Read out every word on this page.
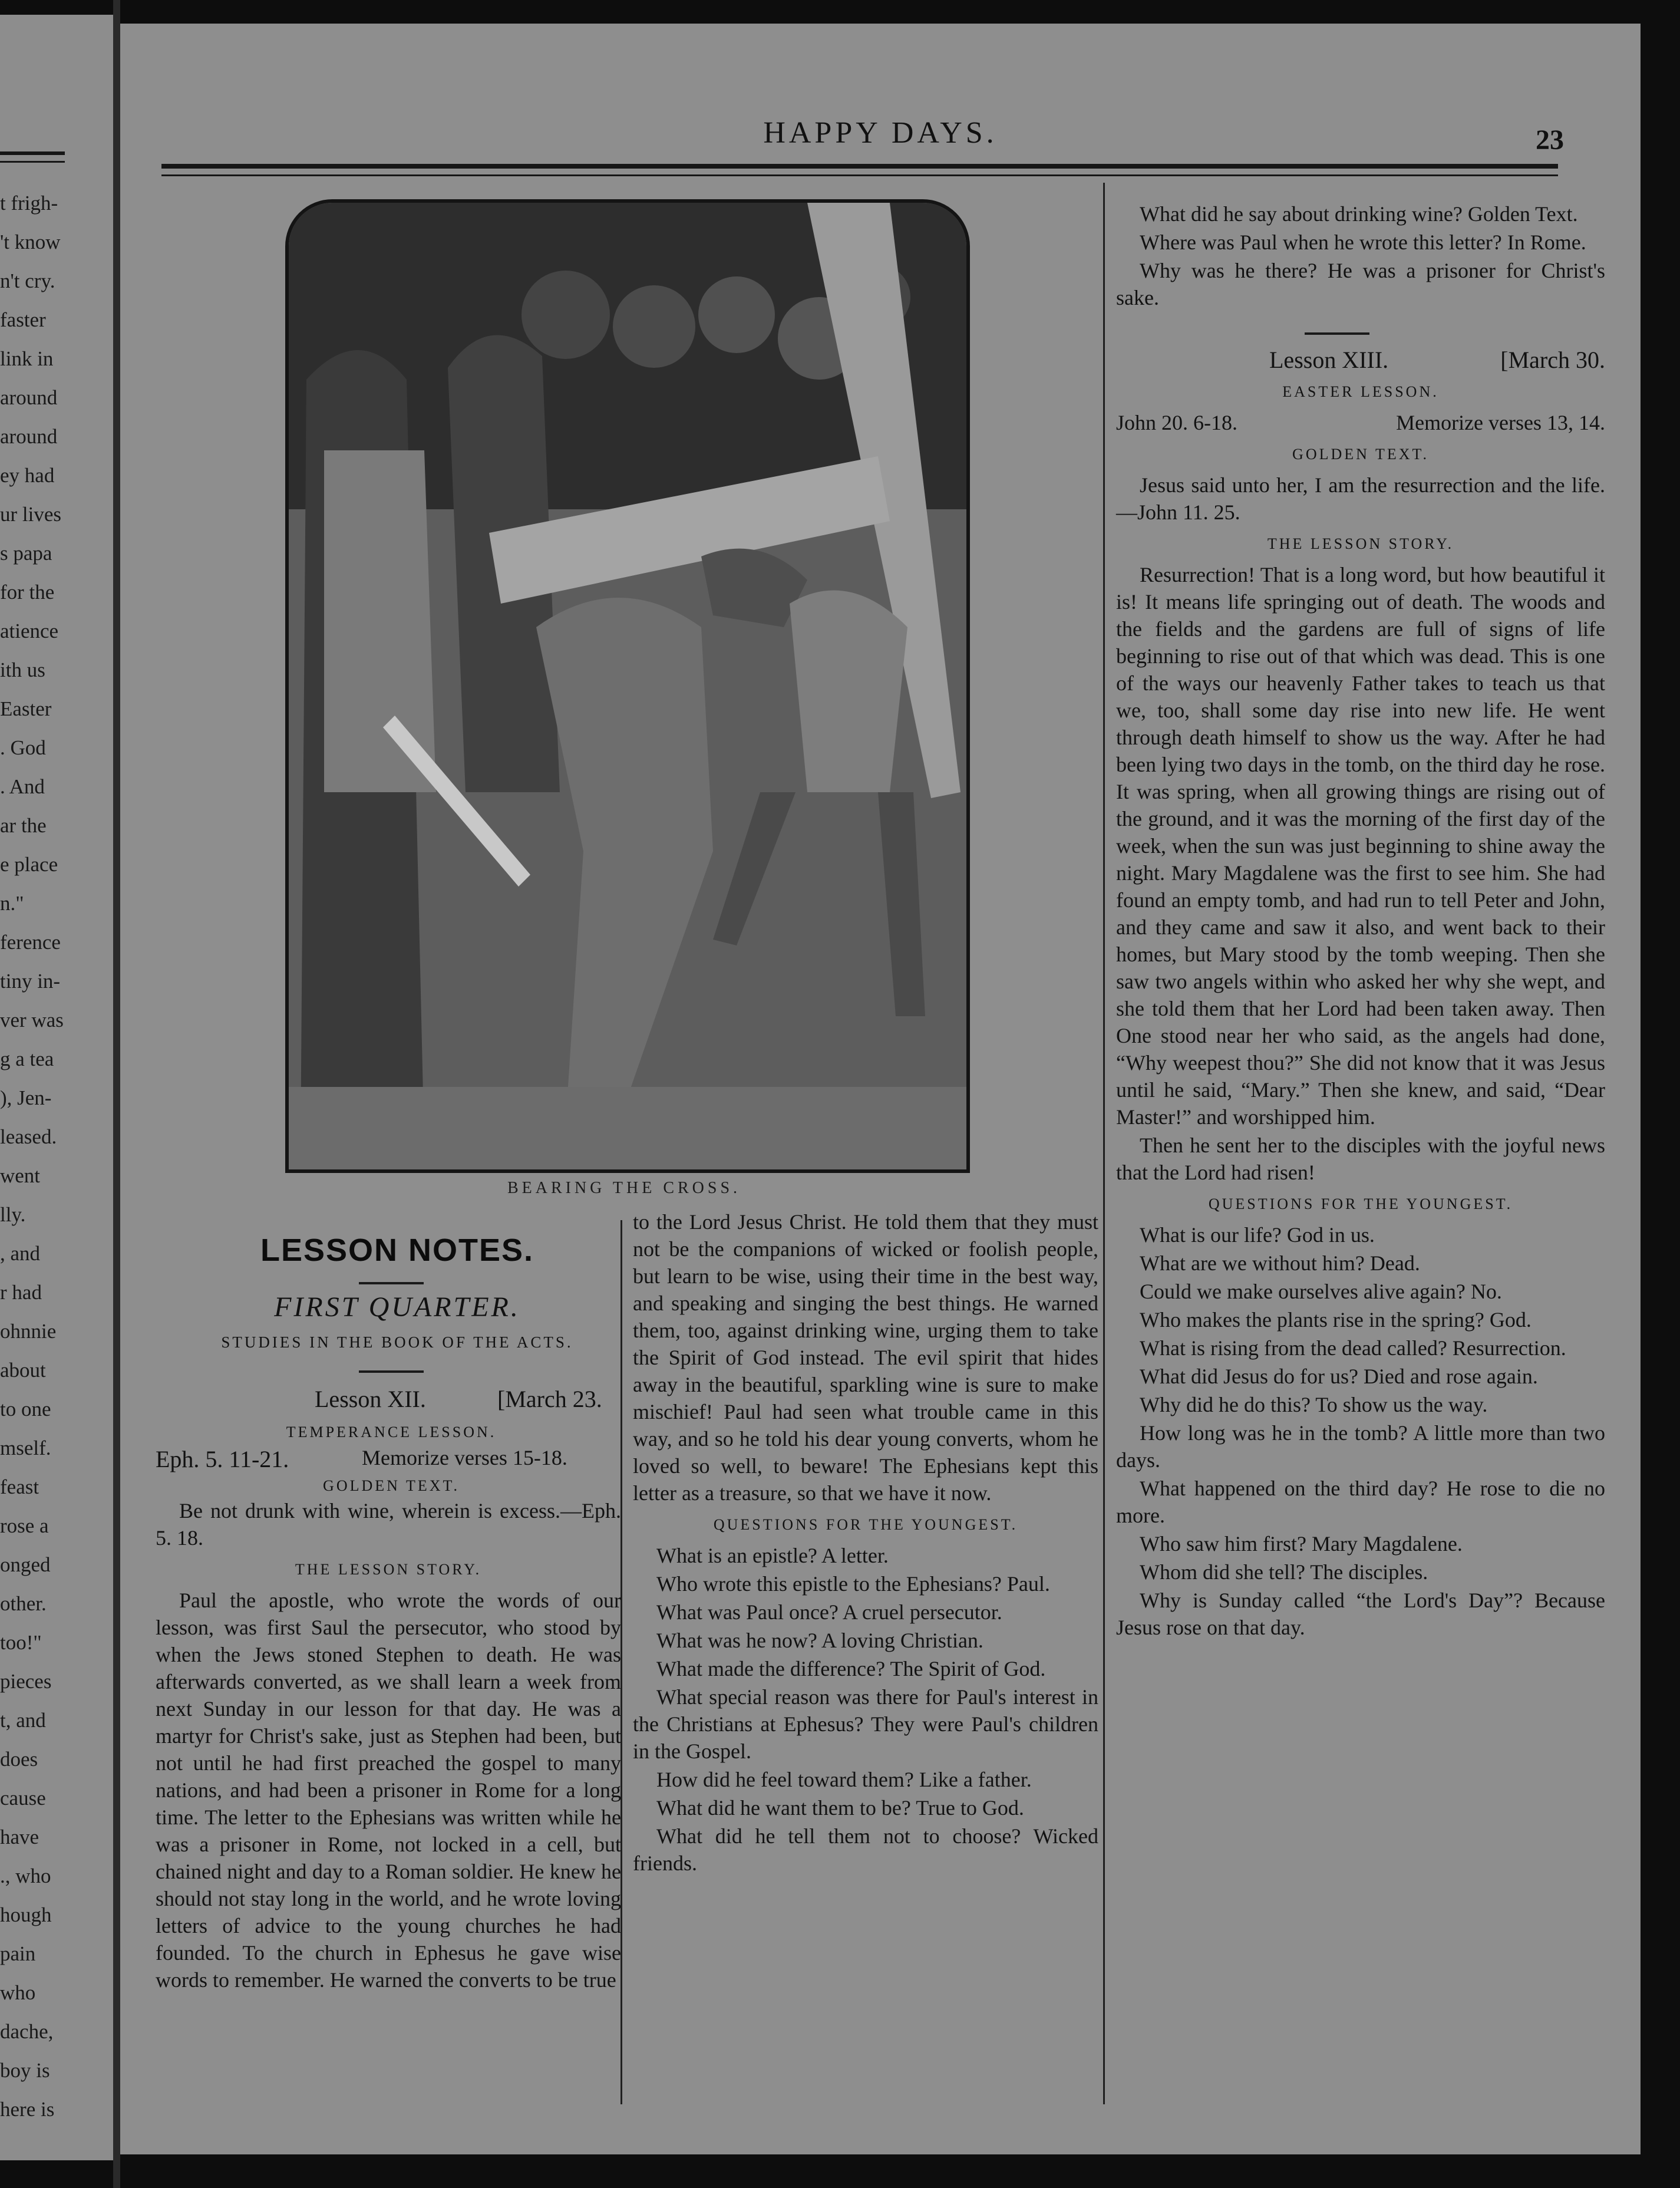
t frigh-
't know
n't cry.
faster
link in
around
around
ey had
ur lives
s papa
for the
atience
ith us
Easter
. God
. And
ar the
e place
n."
ference
tiny in-
ver was
g a tea
), Jen-
leased.
went
lly.
, and
r had
ohnnie
about
to one
mself.
feast
rose a
onged
other.
too!"
pieces
t, and
does
cause
have
., who
hough
pain
who
dache,
boy is
here is
HAPPY DAYS.	23
BEARING THE CROSS.
LESSON NOTES.
FIRST QUARTER.
STUDIES IN THE BOOK OF THE ACTS.
Lesson XII.	[March 23.
TEMPERANCE LESSON.
Eph. 5. 11-21.	Memorize verses 15-18.
GOLDEN TEXT.

Be not drunk with wine, wherein is excess.—Eph. 5. 18.

THE LESSON STORY.

Paul the apostle, who wrote the words of our lesson, was first Saul the persecutor, who stood by when the Jews stoned Stephen to death. He was afterwards converted, as we shall learn a week from next Sunday in our lesson for that day. He was a martyr for Christ's sake, just as Stephen had been, but not until he had first preached the gospel to many nations, and had been a prisoner in Rome for a long time. The letter to the Ephesians was written while he was a prisoner in Rome, not locked in a cell, but chained night and day to a Roman soldier. He knew he should not stay long in the world, and he wrote loving letters of advice to the young churches he had founded. To the church in Ephesus he gave wise words to remember. He warned the converts to be true

to the Lord Jesus Christ. He told them that they must not be the companions of wicked or foolish people, but learn to be wise, using their time in the best way, and speaking and singing the best things. He warned them, too, against drinking wine, urging them to take the Spirit of God instead. The evil spirit that hides away in the beautiful, sparkling wine is sure to make mischief! Paul had seen what trouble came in this way, and so he told his dear young converts, whom he loved so well, to beware! The Ephesians kept this letter as a treasure, so that we have it now.

QUESTIONS FOR THE YOUNGEST.

What is an epistle? A letter.

Who wrote this epistle to the Ephesians? Paul.

What was Paul once? A cruel persecutor.

What was he now? A loving Christian.

What made the difference? The Spirit of God.

What special reason was there for Paul's interest in the Christians at Ephesus? They were Paul's children in the Gospel.

How did he feel toward them? Like a father.

What did he want them to be? True to God.

What did he tell them not to choose? Wicked friends.

What did he say about drinking wine? Golden Text.

Where was Paul when he wrote this letter? In Rome.

Why was he there? He was a prisoner for Christ's sake.

Lesson XIII.	[March 30.

EASTER LESSON.

John 20. 6-18.	Memorize verses 13, 14.

GOLDEN TEXT.

Jesus said unto her, I am the resurrection and the life.—John 11. 25.

THE LESSON STORY.

Resurrection! That is a long word, but how beautiful it is! It means life springing out of death. The woods and the fields and the gardens are full of signs of life beginning to rise out of that which was dead. This is one of the ways our heavenly Father takes to teach us that we, too, shall some day rise into new life. He went through death himself to show us the way. After he had been lying two days in the tomb, on the third day he rose. It was spring, when all growing things are rising out of the ground, and it was the morning of the first day of the week, when the sun was just beginning to shine away the night. Mary Magdalene was the first to see him. She had found an empty tomb, and had run to tell Peter and John, and they came and saw it also, and went back to their homes, but Mary stood by the tomb weeping. Then she saw two angels within who asked her why she wept, and she told them that her Lord had been taken away. Then One stood near her who said, as the angels had done, “Why weepest thou?” She did not know that it was Jesus until he said, “Mary.” Then she knew, and said, “Dear Master!” and worshipped him.

Then he sent her to the disciples with the joyful news that the Lord had risen!

QUESTIONS FOR THE YOUNGEST.

What is our life? God in us.

What are we without him? Dead.

Could we make ourselves alive again? No.

Who makes the plants rise in the spring? God.

What is rising from the dead called? Resurrection.

What did Jesus do for us? Died and rose again.

Why did he do this? To show us the way.

How long was he in the tomb? A little more than two days.

What happened on the third day? He rose to die no more.

Who saw him first? Mary Magdalene.

Whom did she tell? The disciples.

Why is Sunday called “the Lord's Day”? Because Jesus rose on that day.
